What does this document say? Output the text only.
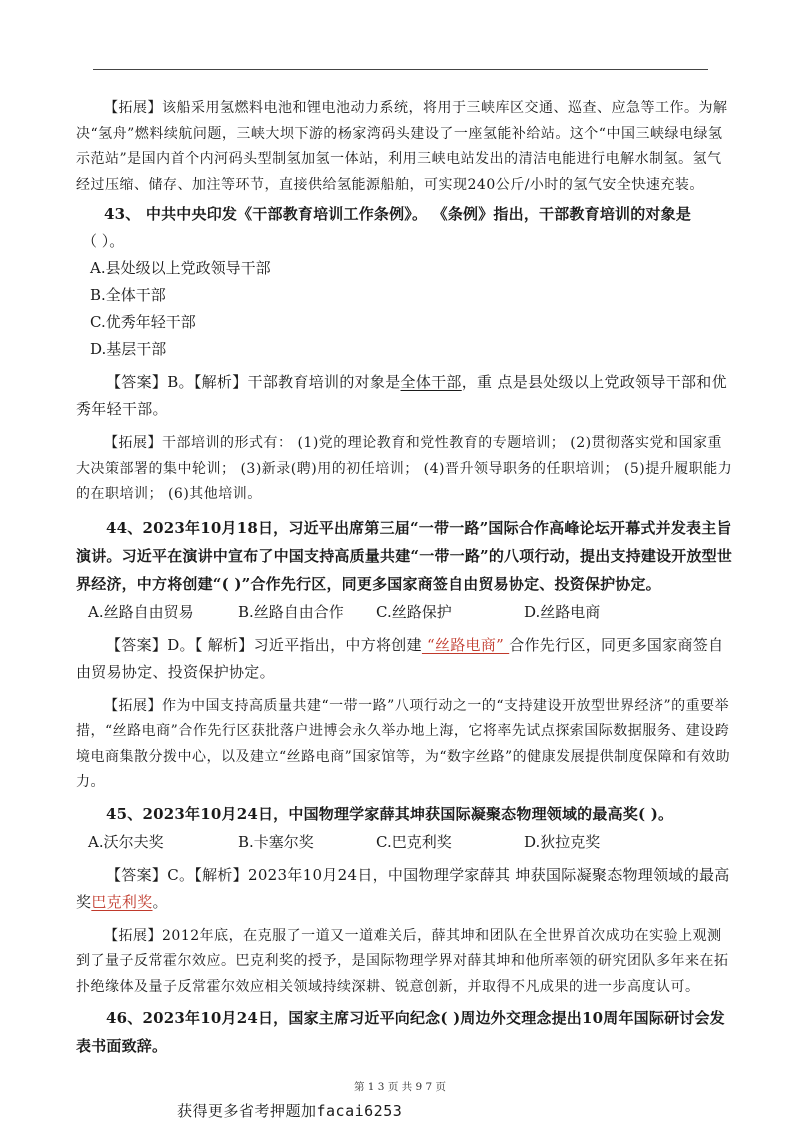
【拓展】该船采用氢燃料电池和锂电池动力系统，将用于三峡库区交通、巡查、应急等工作。为解决“氢舟”燃料续航问题，三峡大坝下游的杨家湾码头建设了一座氢能补给站。这个“中国三峡绿电绿氢示范站”是国内首个内河码头型制氢加氢一体站，利用三峡电站发出的清洁电能进行电解水制氢。氢气经过压缩、储存、加注等环节，直接供给氢能源船舶，可实现240公斤/小时的氢气安全快速充装。

43、 中共中央印发《干部教育培训工作条例》。 《条例》指出，干部教育培训的对象是

（ ）。

A.县处级以上党政领导干部

B.全体干部

C.优秀年轻干部

D.基层干部

【答案】B。【解析】干部教育培训的对象是全体干部，重 点是县处级以上党政领导干部和优秀年轻干部。

【拓展】干部培训的形式有： (1)党的理论教育和党性教育的专题培训； (2)贯彻落实党和国家重大决策部署的集中轮训； (3)新录(聘)用的初任培训； (4)晋升领导职务的任职培训； (5)提升履职能力的在职培训； (6)其他培训。

44、2023年10月18日，习近平出席第三届“一带一路”国际合作高峰论坛开幕式并发表主旨演讲。习近平在演讲中宣布了中国支持高质量共建“一带一路”的八项行动，提出支持建设开放型世界经济，中方将创建“( )”合作先行区，同更多国家商签自由贸易协定、投资保护协定。

A.丝路自由贸易	B.丝路自由合作	C.丝路保护	D.丝路电商

【答案】D。【 解析】习近平指出，中方将创建 “丝路电商” 合作先行区，同更多国家商签自由贸易协定、投资保护协定。

【拓展】作为中国支持高质量共建“一带一路”八项行动之一的“支持建设开放型世界经济”的重要举措，“丝路电商”合作先行区获批落户进博会永久举办地上海，它将率先试点探索国际数据服务、建设跨境电商集散分拨中心，以及建立“丝路电商”国家馆等，为“数字丝路”的健康发展提供制度保障和有效助力。

45、2023年10月24日，中国物理学家薛其坤获国际凝聚态物理领域的最高奖( )。

A.沃尔夫奖	B.卡塞尔奖	C.巴克利奖	D.狄拉克奖

【答案】C。【解析】2023年10月24日，中国物理学家薛其 坤获国际凝聚态物理领域的最高奖巴克利奖。

【拓展】2012年底，在克服了一道又一道难关后，薛其坤和团队在全世界首次成功在实验上观测到了量子反常霍尔效应。巴克利奖的授予，是国际物理学界对薛其坤和他所率领的研究团队多年来在拓扑绝缘体及量子反常霍尔效应相关领域持续深耕、锐意创新，并取得不凡成果的进一步高度认可。

46、2023年10月24日，国家主席习近平向纪念( )周边外交理念提出10周年国际研讨会发表书面致辞。

第 1 3 页 共 9 7 页
获得更多省考押题加facai6253
